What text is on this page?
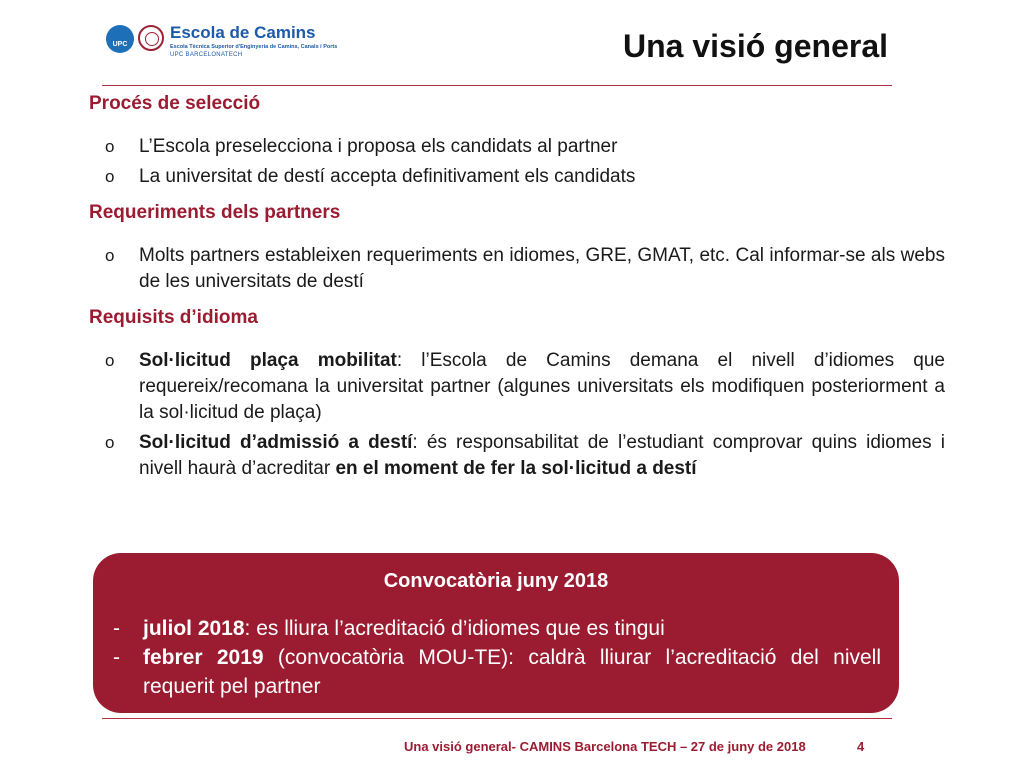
UPC
Escola de Camins
Escola Tècnica Superior d'Enginyeria de Camins, Canals i Ports
UPC BARCELONATECH	Una visió general
Procés de selecció
o L’Escola preselecciona i proposa els candidats al partner
o La universitat de destí accepta definitivament els candidats
Requeriments dels partners
o Molts partners estableixen requeriments en idiomes, GRE, GMAT, etc. Cal informar-se als webs de les universitats de destí
Requisits d’idioma
o Sol·licitud plaça mobilitat: l’Escola de Camins demana el nivell d’idiomes que requereix/recomana la universitat partner (algunes universitats els modifiquen posteriorment a la sol·licitud de plaça)
o Sol·licitud d’admissió a destí: és responsabilitat de l’estudiant comprovar quins idiomes i nivell haurà d’acreditar en el moment de fer la sol·licitud a destí
Convocatòria juny 2018
- juliol 2018: es lliura l’acreditació d’idiomes que es tingui
- febrer 2019 (convocatòria MOU-TE): caldrà lliurar l’acreditació del nivell requerit pel partner
Una visió general- CAMINS Barcelona TECH – 27 de juny de 2018	4
